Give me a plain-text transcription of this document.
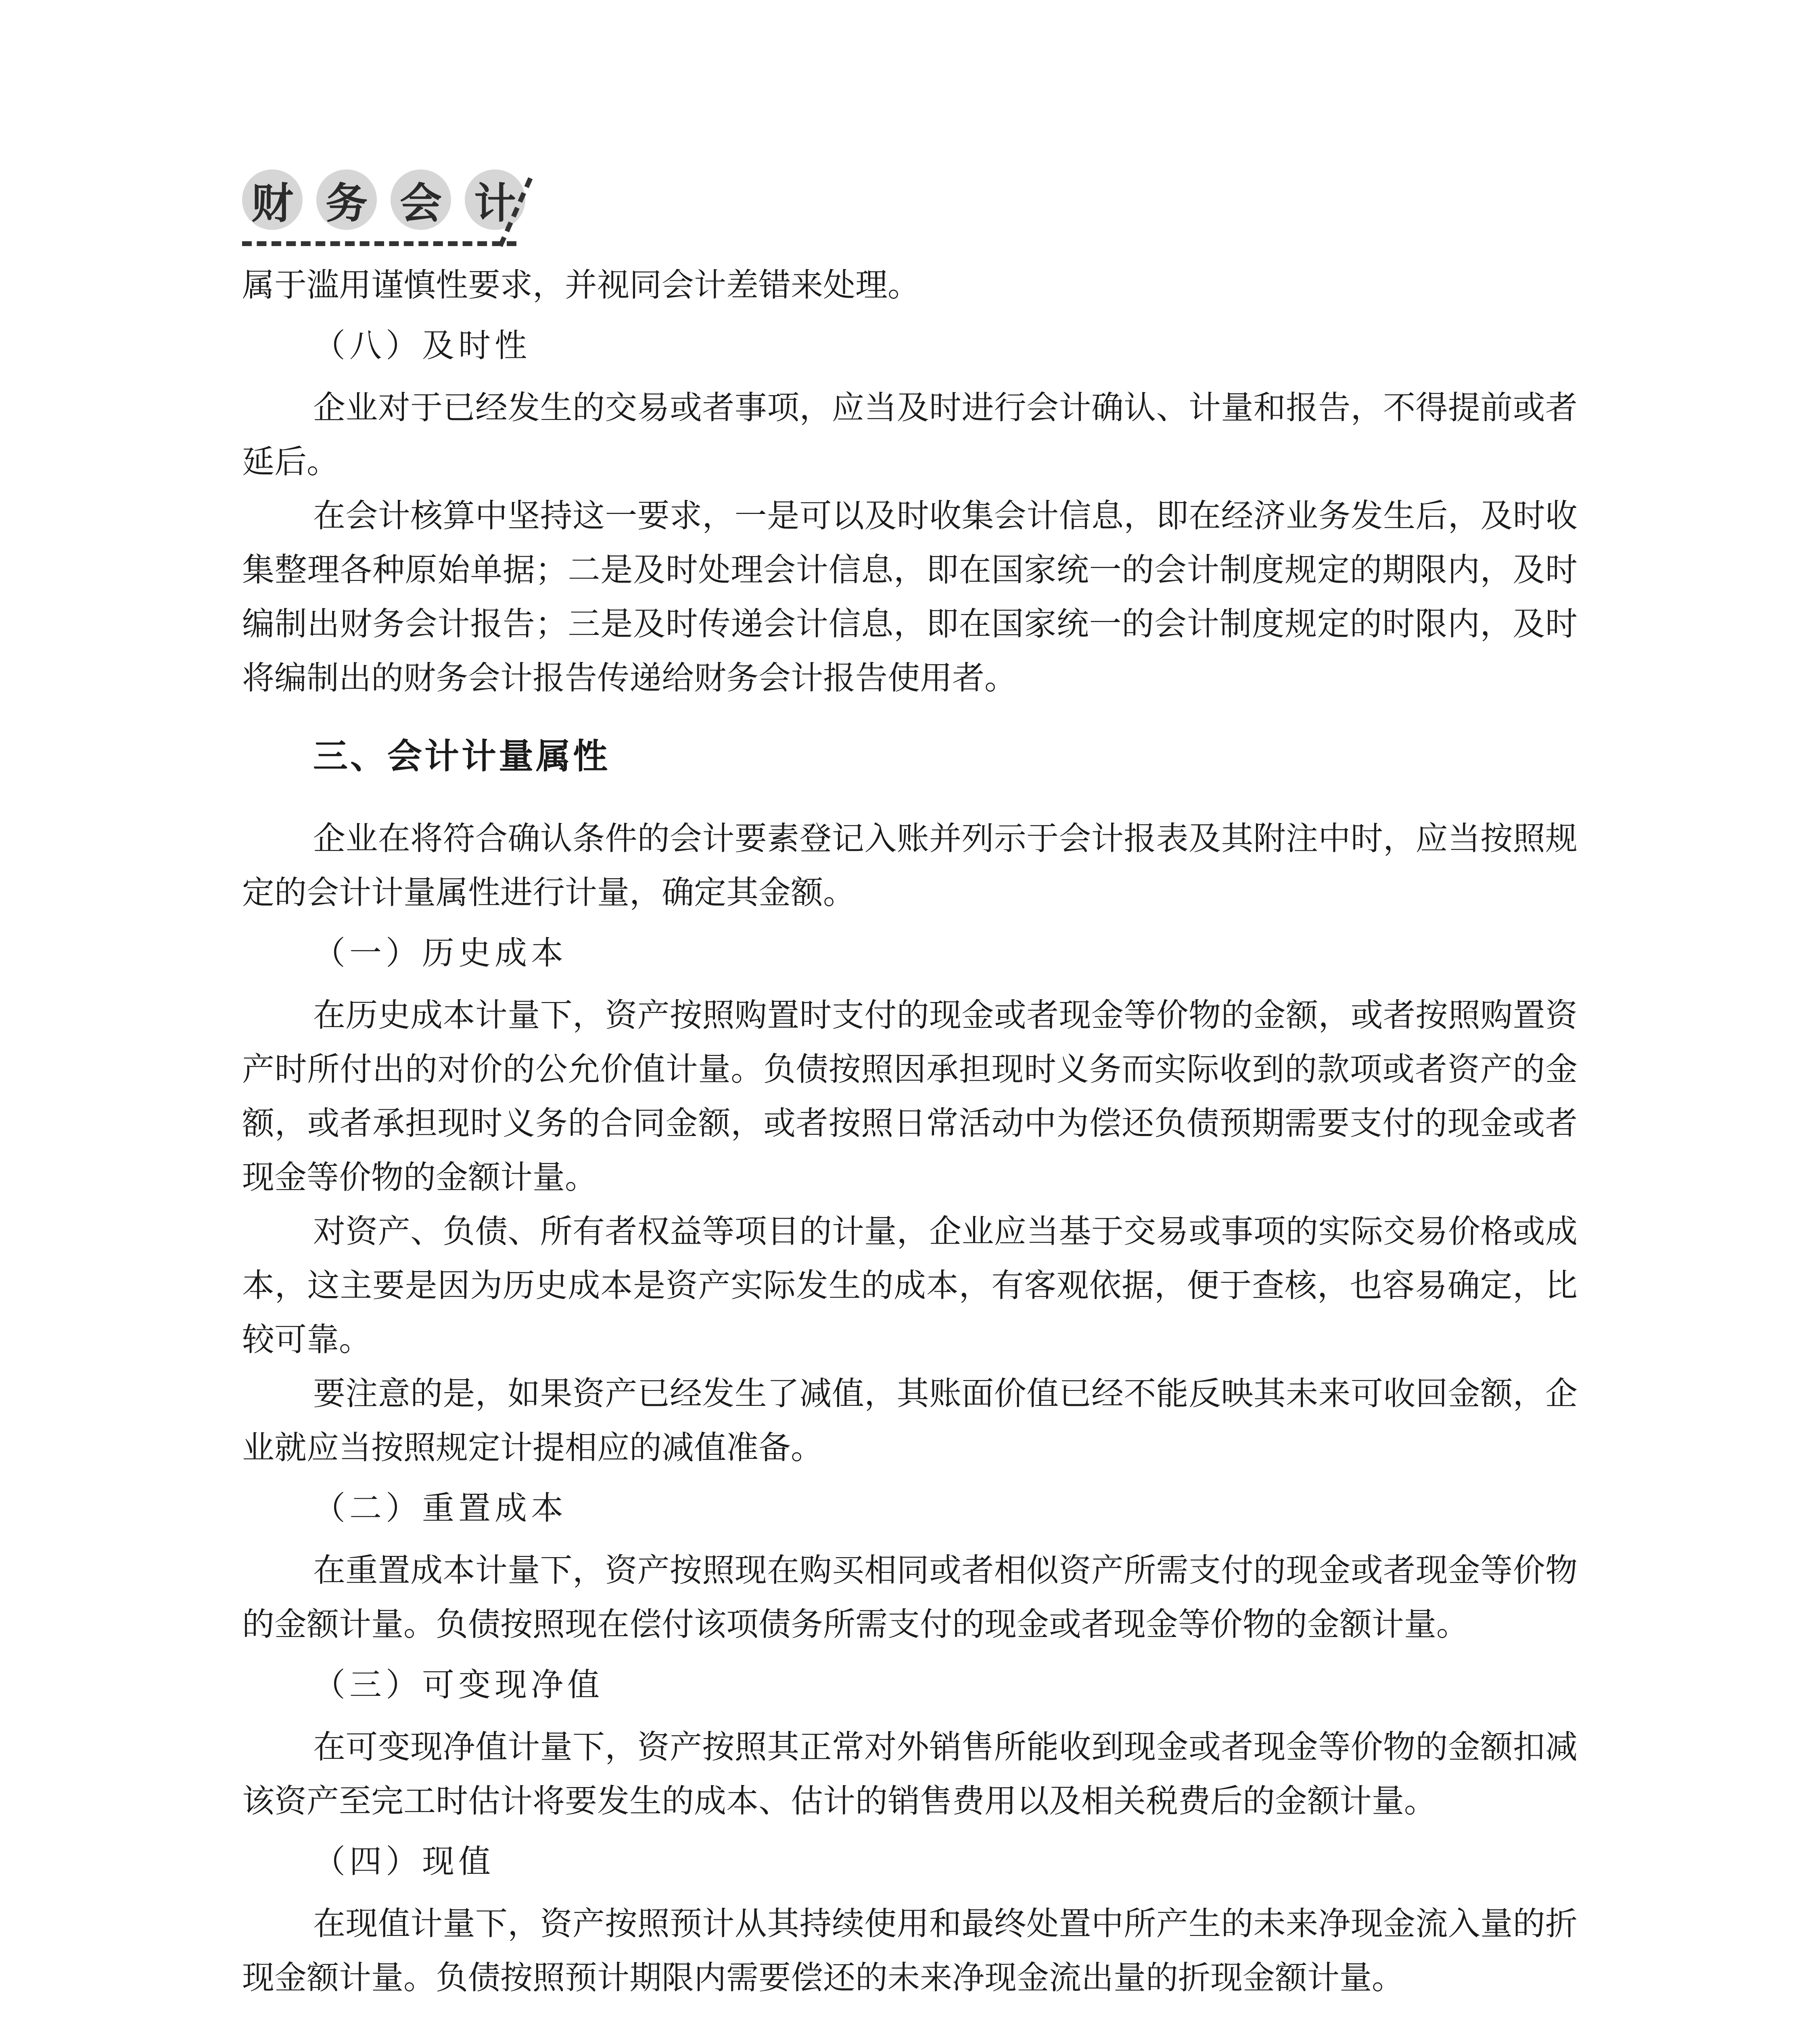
财 务 会 计

属于滥用谨慎性要求，并视同会计差错来处理。

（八）及时性

企业对于已经发生的交易或者事项，应当及时进行会计确认、计量和报告，不得提前或者延后。

在会计核算中坚持这一要求，一是可以及时收集会计信息，即在经济业务发生后，及时收集整理各种原始单据；二是及时处理会计信息，即在国家统一的会计制度规定的期限内，及时编制出财务会计报告；三是及时传递会计信息，即在国家统一的会计制度规定的时限内，及时将编制出的财务会计报告传递给财务会计报告使用者。

三、会计计量属性

企业在将符合确认条件的会计要素登记入账并列示于会计报表及其附注中时，应当按照规定的会计计量属性进行计量，确定其金额。

（一）历史成本

在历史成本计量下，资产按照购置时支付的现金或者现金等价物的金额，或者按照购置资产时所付出的对价的公允价值计量。负债按照因承担现时义务而实际收到的款项或者资产的金额，或者承担现时义务的合同金额，或者按照日常活动中为偿还负债预期需要支付的现金或者现金等价物的金额计量。

对资产、负债、所有者权益等项目的计量，企业应当基于交易或事项的实际交易价格或成本，这主要是因为历史成本是资产实际发生的成本，有客观依据，便于查核，也容易确定，比较可靠。

要注意的是，如果资产已经发生了减值，其账面价值已经不能反映其未来可收回金额，企业就应当按照规定计提相应的减值准备。

（二）重置成本

在重置成本计量下，资产按照现在购买相同或者相似资产所需支付的现金或者现金等价物的金额计量。负债按照现在偿付该项债务所需支付的现金或者现金等价物的金额计量。

（三）可变现净值

在可变现净值计量下，资产按照其正常对外销售所能收到现金或者现金等价物的金额扣减该资产至完工时估计将要发生的成本、估计的销售费用以及相关税费后的金额计量。

（四）现值

在现值计量下，资产按照预计从其持续使用和最终处置中所产生的未来净现金流入量的折现金额计量。负债按照预计期限内需要偿还的未来净现金流出量的折现金额计量。
